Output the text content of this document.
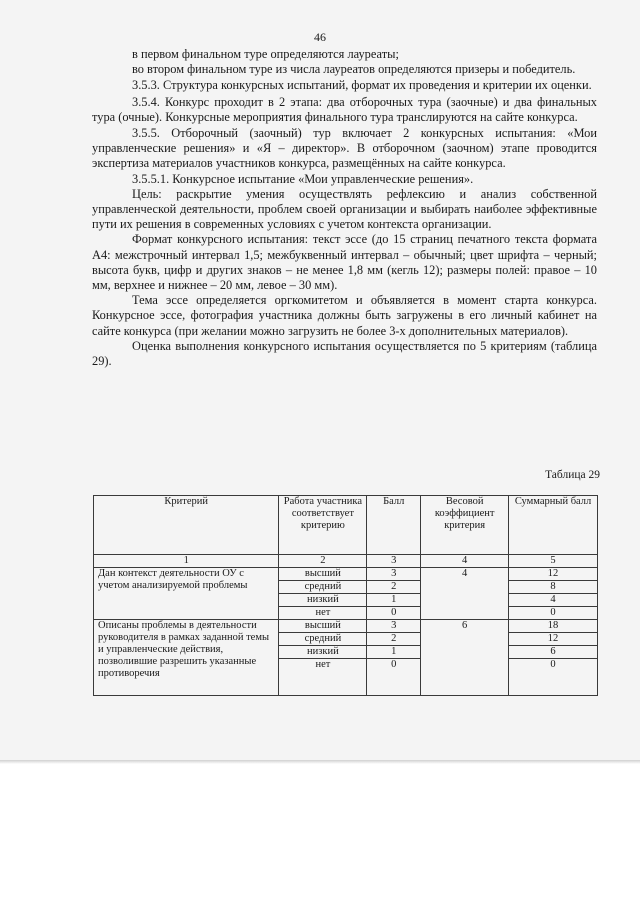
46

в первом финальном туре определяются лауреаты;

во втором финальном туре из числа лауреатов определяются призеры и победитель.

3.5.3. Структура конкурсных испытаний, формат их проведения и критерии их оценки.

3.5.4. Конкурс проходит в 2 этапа: два отборочных тура (заочные) и два финальных тура (очные). Конкурсные мероприятия финального тура транслируются на сайте конкурса.

3.5.5. Отборочный (заочный) тур включает 2 конкурсных испытания: «Мои управленческие решения» и «Я – директор». В отборочном (заочном) этапе проводится экспертиза материалов участников конкурса, размещённых на сайте конкурса.

3.5.5.1. Конкурсное испытание «Мои управленческие решения».

Цель: раскрытие умения осуществлять рефлексию и анализ собственной управленческой деятельности, проблем своей организации и выбирать наиболее эффективные пути их решения в современных условиях с учетом контекста организации.

Формат конкурсного испытания: текст эссе (до 15 страниц печатного текста формата А4: межстрочный интервал 1,5; межбуквенный интервал – обычный; цвет шрифта – черный; высота букв, цифр и других знаков – не менее 1,8 мм (кегль 12); размеры полей: правое – 10 мм, верхнее и нижнее – 20 мм, левое – 30 мм).

Тема эссе определяется оргкомитетом и объявляется в момент старта конкурса. Конкурсное эссе, фотография участника должны быть загружены в его личный кабинет на сайте конкурса (при желании можно загрузить не более 3-х дополнительных материалов).

Оценка выполнения конкурсного испытания осуществляется по 5 критериям (таблица 29).

Таблица 29
Критерий	Работа участника соответствует критерию	Балл	Весовой коэффициент критерия	Суммарный балл
1	2	3	4	5
Дан контекст деятельности ОУ с учетом анализируемой проблемы	высший	3	4	12
	средний	2		8
	низкий	1		4
	нет	0		0
Описаны проблемы в деятельности руководителя в рамках заданной темы и управленческие действия, позволившие разрешить указанные противоречия	высший	3	6	18
	средний	2		12
	низкий	1		6
	нет	0		0
